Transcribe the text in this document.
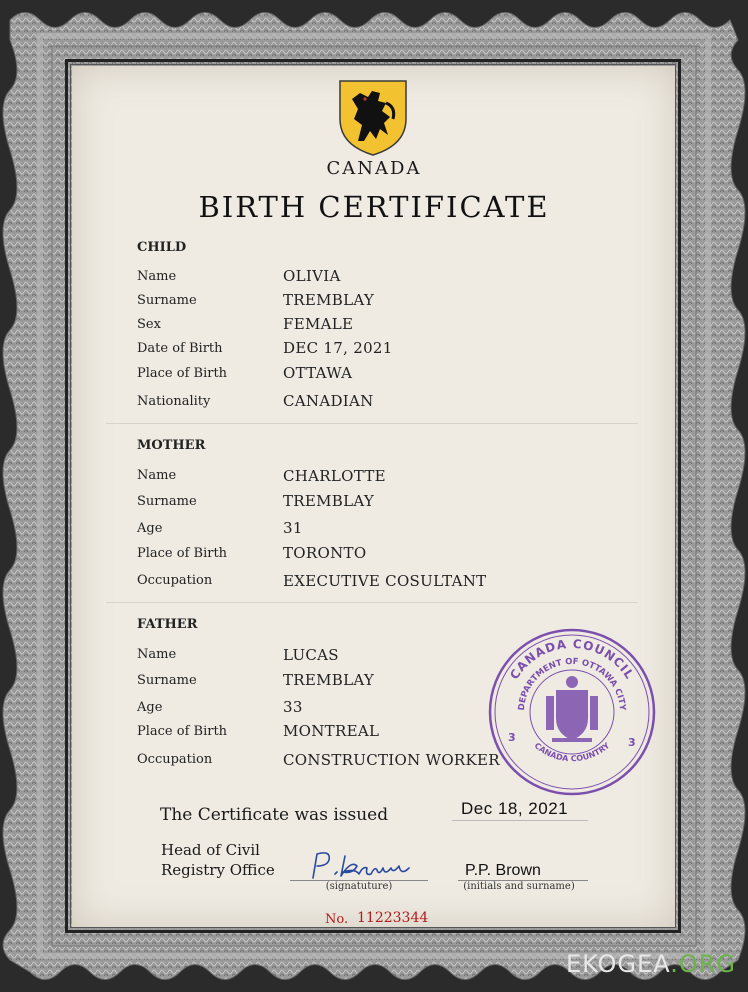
CANADA
BIRTH CERTIFICATE
CHILD
Name	OLIVIA
Surname	TREMBLAY
Sex	FEMALE
Date of Birth	DEC 17, 2021
Place of Birth	OTTAWA
Nationality	CANADIAN
MOTHER
Name	CHARLOTTE
Surname	TREMBLAY
Age	31
Place of Birth	TORONTO
Occupation	EXECUTIVE COSULTANT
FATHER
Name	LUCAS
Surname	TREMBLAY
Age	33
Place of Birth	MONTREAL
Occupation	CONSTRUCTION WORKER
CANADA COUNCIL
DEPARTMENT OF OTTAWA CITY
CANADA COUNTRY
3	3
The Certificate was issued	Dec 18, 2021
Head of Civil
Registry Office
(signatuture)
P.P. Brown
(initials and surname)
No. 11223344
EKOGEA.ORG
